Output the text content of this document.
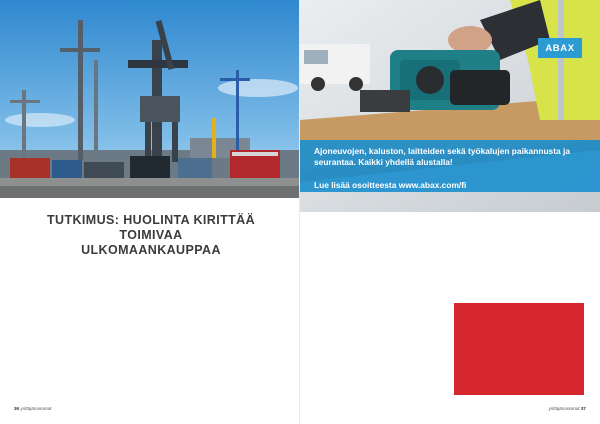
TUTKIMUS: HUOLINTA KIRITTÄÄ TOIMIVAA
ULKOMAANKAUPPAA

36 yrittäjäsanomat
ABAX
Ajoneuvojen, kaluston, laitteiden sekä työkalujen paikannusta ja seurantaa. Kaikki yhdellä alustalla!
Lue lisää osoitteesta www.abax.com/fi
yrittäjäsanomat 37
